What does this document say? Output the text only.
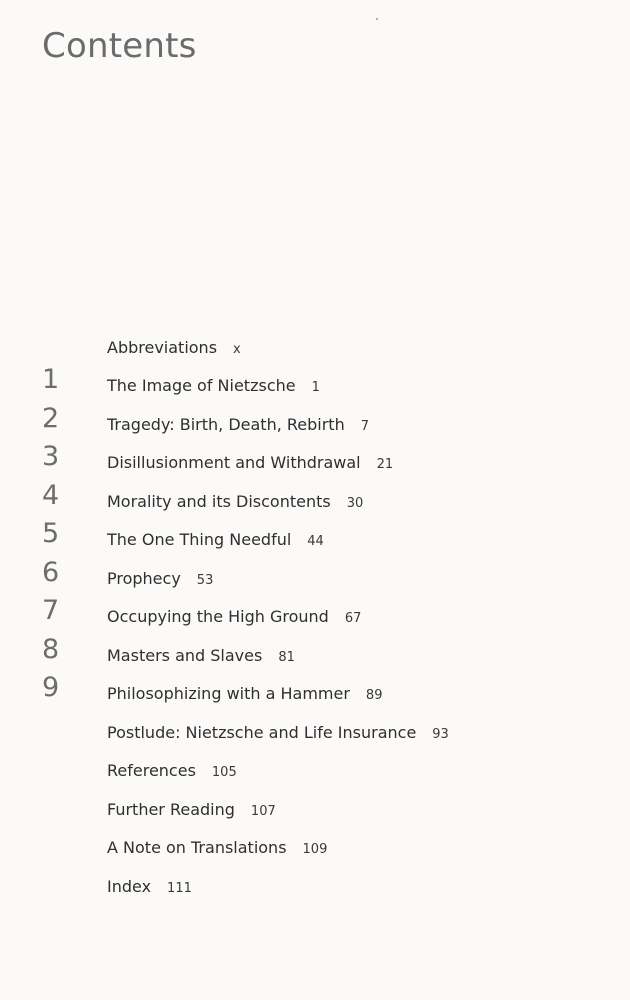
Contents
Abbreviations x
1	The Image of Nietzsche 1
2	Tragedy: Birth, Death, Rebirth 7
3	Disillusionment and Withdrawal 21
4	Morality and its Discontents 30
5	The One Thing Needful 44
6	Prophecy 53
7	Occupying the High Ground 67
8	Masters and Slaves 81
9	Philosophizing with a Hammer 89
Postlude: Nietzsche and Life Insurance 93
References 105
Further Reading 107
A Note on Translations 109
Index 111
